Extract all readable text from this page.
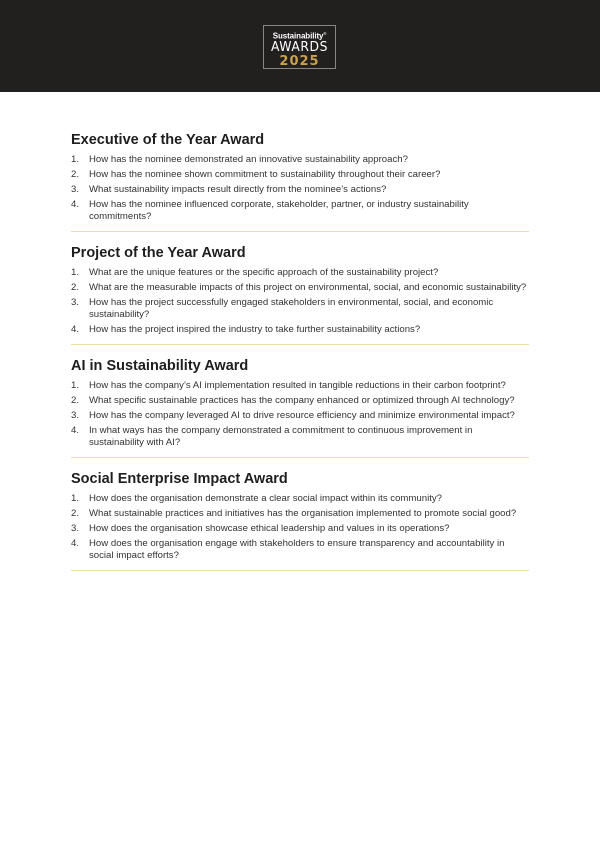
Sustainability®
AWARDS
2025
Executive of the Year Award
1.	How has the nominee demonstrated an innovative sustainability approach?
2.	How has the nominee shown commitment to sustainability throughout their career?
3.	What sustainability impacts result directly from the nominee’s actions?
4.	How has the nominee influenced corporate, stakeholder, partner, or industry sustainability commitments?
Project of the Year Award
1.	What are the unique features or the specific approach of the sustainability project?
2.	What are the measurable impacts of this project on environmental, social, and economic sustainability?
3.	How has the project successfully engaged stakeholders in environmental, social, and economic sustainability?
4.	How has the project inspired the industry to take further sustainability actions?
AI in Sustainability Award
1.	How has the company’s AI implementation resulted in tangible reductions in their carbon footprint?
2.	What specific sustainable practices has the company enhanced or optimized through AI technology?
3.	How has the company leveraged AI to drive resource efficiency and minimize environmental impact?
4.	In what ways has the company demonstrated a commitment to continuous improvement in sustainability with AI?
Social Enterprise Impact Award
1.	How does the organisation demonstrate a clear social impact within its community?
2.	What sustainable practices and initiatives has the organisation implemented to promote social good?
3.	How does the organisation showcase ethical leadership and values in its operations?
4.	How does the organisation engage with stakeholders to ensure transparency and accountability in social impact efforts?
